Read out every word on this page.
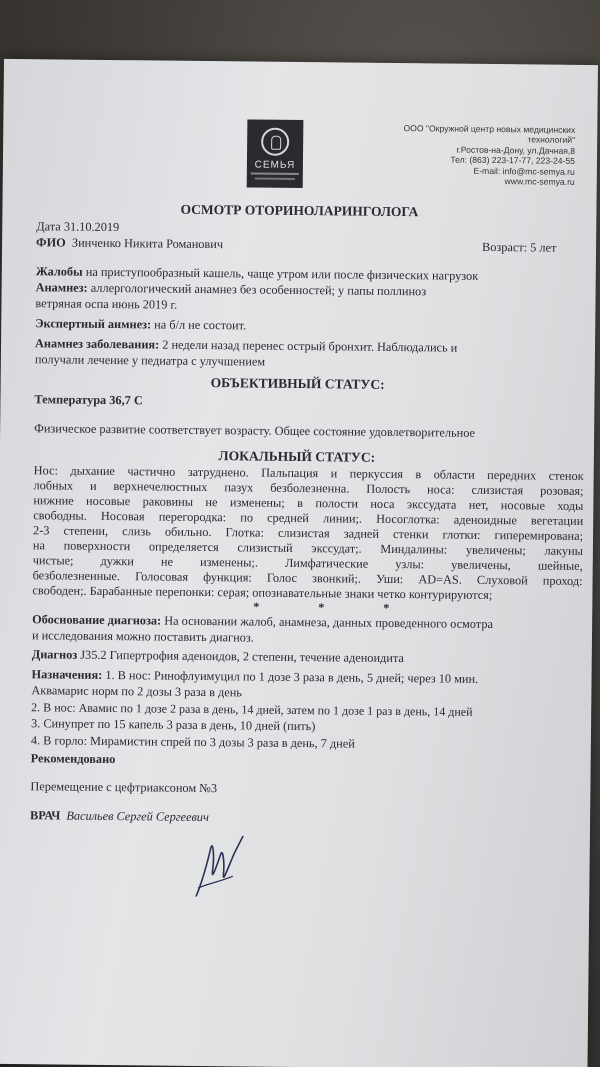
СЕМЬЯ
ООО "Окружной центр новых медицинских
технологий"
г.Ростов-на-Дону, ул.Дачная,8
Тел: (863) 223-17-77, 223-24-55
E-mail: info@mc-semya.ru
www.mc-semya.ru
ОСМОТР ОТОРИНОЛАРИНГОЛОГА
Дата 31.10.2019
ФИО Зинченко Никита Романович	Возраст: 5 лет
Жалобы на приступообразный кашель, чаще утром или после физических нагрузок
Анамнез: аллергологический анамнез без особенностей; у папы поллиноз
ветряная оспа июнь 2019 г.
Экспертный анмнез: на б/л не состоит.
Анамнез заболевания: 2 недели назад перенес острый бронхит. Наблюдались и
получали лечение у педиатра с улучшением
ОБЪЕКТИВНЫЙ СТАТУС:
Температура 36,7 С
Физическое развитие соответствует возрасту. Общее состояние удовлетворительное
ЛОКАЛЬНЫЙ СТАТУС:
Нос: дыхание частично затруднено. Пальпация и перкуссия в области передних стенок
лобных и верхнечелюстных пазух безболезненна. Полость носа: слизистая розовая;
нижние носовые раковины не изменены; в полости носа экссудата нет, носовые ходы
свободны. Носовая перегородка: по средней линии;. Носоглотка: аденоидные вегетации
2-3 степени, слизь обильно. Глотка: слизистая задней стенки глотки: гиперемирована;
на поверхности определяется слизистый экссудат;. Миндалины: увеличены; лакуны
чистые; дужки не изменены;. Лимфатические узлы: увеличены, шейные,
безболезненные. Голосовая функция: Голос звонкий;. Уши: AD=AS. Слуховой проход:
свободен;. Барабанные перепонки: серая; опознавательные знаки четко контурируются;
*	*	*
Обоснование диагноза: На основании жалоб, анамнеза, данных проведенного осмотра
и исследования можно поставить диагноз.
Диагноз J35.2 Гипертрофия аденоидов, 2 степени, течение аденоидита
Назначения: 1. В нос: Ринофлуимуцил по 1 дозе 3 раза в день, 5 дней; через 10 мин.
Аквамарис норм по 2 дозы 3 раза в день
2. В нос: Авамис по 1 дозе 2 раза в день, 14 дней, затем по 1 дозе 1 раз в день, 14 дней
3. Синупрет по 15 капель 3 раза в день, 10 дней (пить)
4. В горло: Мирамистин спрей по 3 дозы 3 раза в день, 7 дней
Рекомендовано
Перемещение с цефтриаксоном №3
ВРАЧ Васильев Сергей Сергеевич
